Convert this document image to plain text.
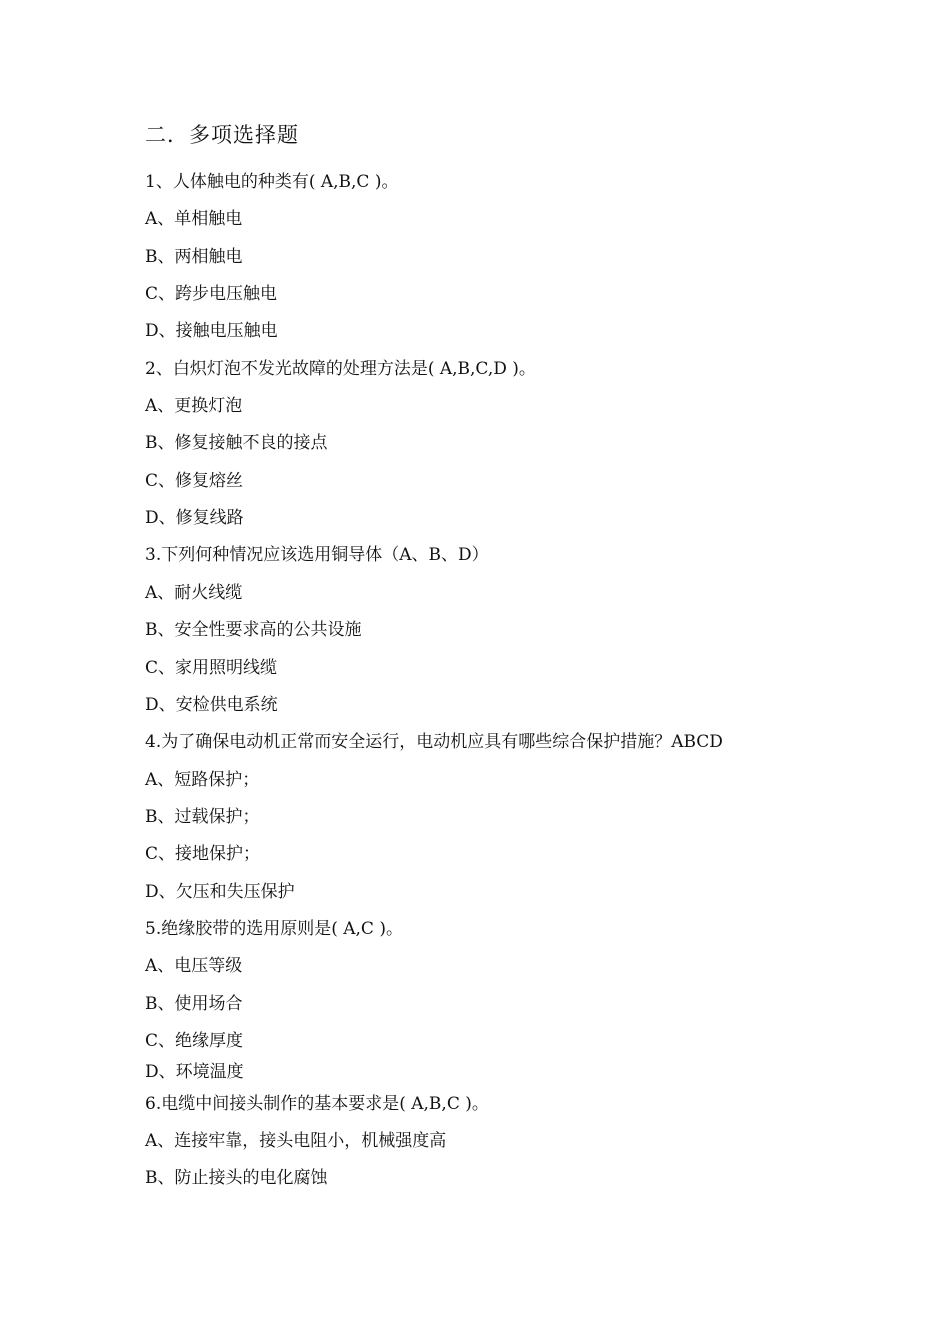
二．多项选择题
1、人体触电的种类有( A,B,C )。
A、单相触电
B、两相触电
C、跨步电压触电
D、接触电压触电
2、白炽灯泡不发光故障的处理方法是( A,B,C,D )。
A、更换灯泡
B、修复接触不良的接点
C、修复熔丝
D、修复线路
3.下列何种情况应该选用铜导体（A、B、D）
A、耐火线缆
B、安全性要求高的公共设施
C、家用照明线缆
D、安检供电系统
4.为了确保电动机正常而安全运行，电动机应具有哪些综合保护措施？ABCD
A、短路保护；
B、过载保护；
C、接地保护；
D、欠压和失压保护
5.绝缘胶带的选用原则是( A,C )。
A、电压等级
B、使用场合
C、绝缘厚度
D、环境温度
6.电缆中间接头制作的基本要求是( A,B,C )。
A、连接牢靠，接头电阻小，机械强度高
B、防止接头的电化腐蚀
